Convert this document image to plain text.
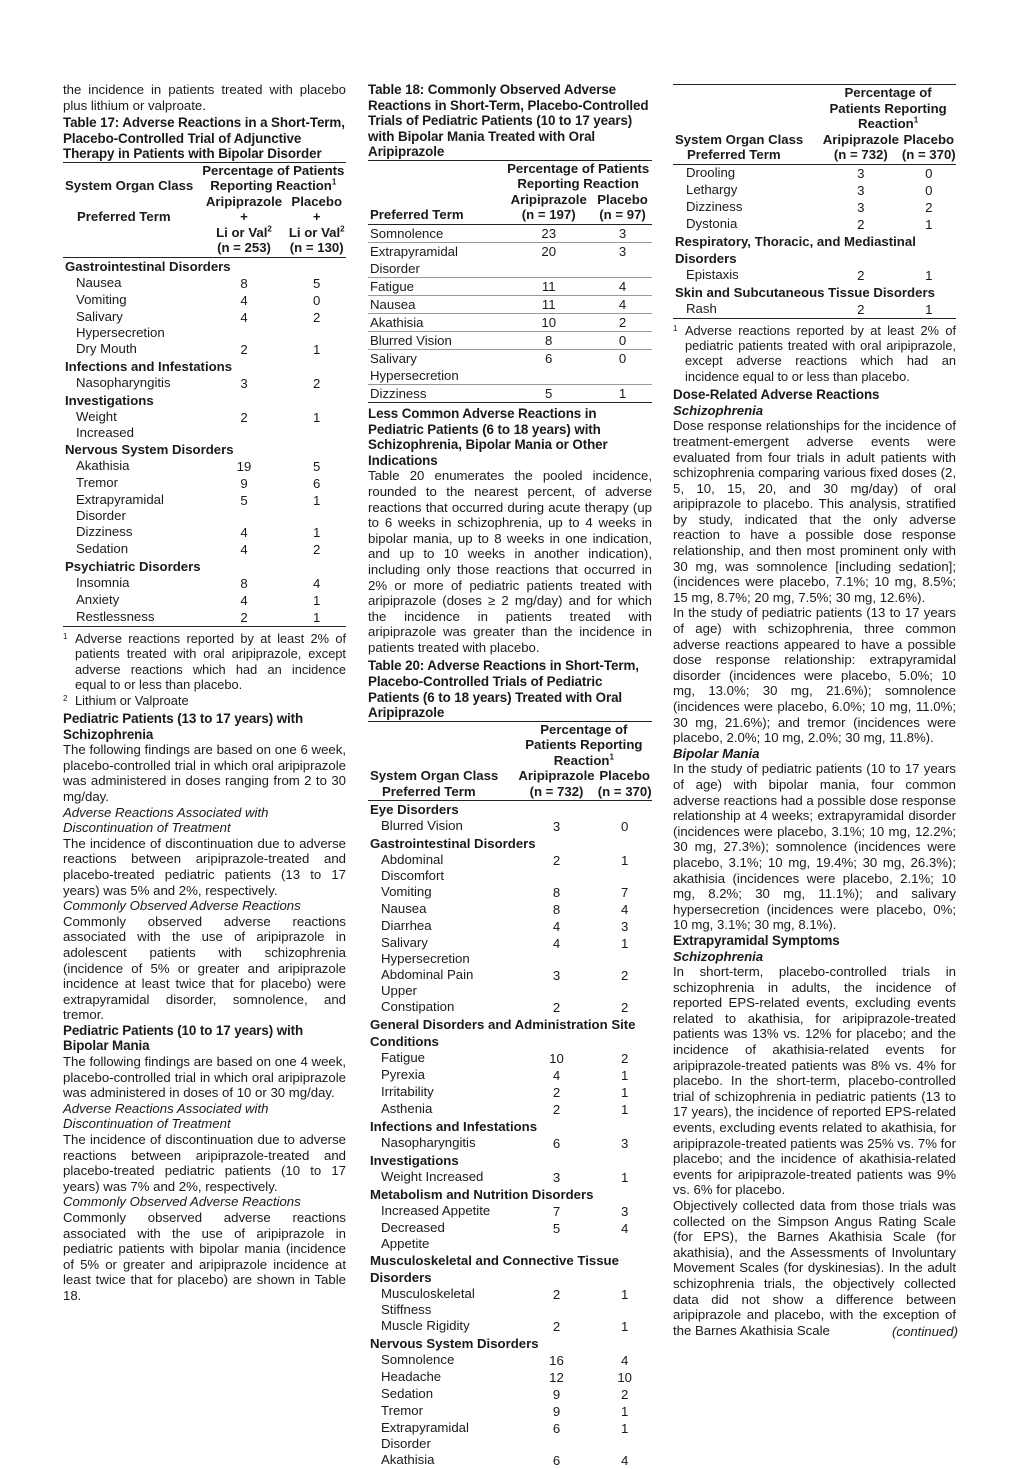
the incidence in patients treated with placebo plus lithium or valproate.

Table 17: Adverse Reactions in a Short-Term, Placebo-Controlled Trial of Adjunctive Therapy in Patients with Bipolar Disorder

System Organ Class	Percentage of Patients Reporting Reaction$^1$
Preferred Term	Aripiprazole +	Placebo +
	Li or Val$^2$	Li or Val$^2$
	(n = 253)	(n = 130)
Gastrointestinal Disorders		
Nausea	8	5
Vomiting	4	0
Salivary Hypersecretion	4	2
Dry Mouth	2	1
Infections and Infestations		
Nasopharyngitis	3	2
Investigations		
Weight Increased	2	1
Nervous System Disorders		
Akathisia	19	5
Tremor	9	6
Extrapyramidal Disorder	5	1
Dizziness	4	1
Sedation	4	2
Psychiatric Disorders		
Insomnia	8	4
Anxiety	4	1
Restlessness	2	1
1 Adverse reactions reported by at least 2% of patients treated with oral aripiprazole, except adverse reactions which had an incidence equal to or less than placebo.
2 Lithium or Valproate

Pediatric Patients (13 to 17 years) with Schizophrenia

The following findings are based on one 6 week, placebo-controlled trial in which oral aripiprazole was administered in doses ranging from 2 to 30 mg/day.

Adverse Reactions Associated with Discontinuation of Treatment

The incidence of discontinuation due to adverse reactions between aripiprazole-treated and placebo-treated pediatric patients (13 to 17 years) was 5% and 2%, respectively.

Commonly Observed Adverse Reactions

Commonly observed adverse reactions associated with the use of aripiprazole in adolescent patients with schizophrenia (incidence of 5% or greater and aripiprazole incidence at least twice that for placebo) were extrapyramidal disorder, somnolence, and tremor.

Pediatric Patients (10 to 17 years) with Bipolar Mania

The following findings are based on one 4 week, placebo-controlled trial in which oral aripiprazole was administered in doses of 10 or 30 mg/day.

Adverse Reactions Associated with Discontinuation of Treatment

The incidence of discontinuation due to adverse reactions between aripiprazole-treated and placebo-treated pediatric patients (10 to 17 years) was 7% and 2%, respectively.

Commonly Observed Adverse Reactions

Commonly observed adverse reactions associated with the use of aripiprazole in pediatric patients with bipolar mania (incidence of 5% or greater and aripiprazole incidence at least twice that for placebo) are shown in Table 18.

Table 18: Commonly Observed Adverse Reactions in Short-Term, Placebo-Controlled Trials of Pediatric Patients (10 to 17 years) with Bipolar Mania Treated with Oral Aripiprazole

	Percentage of Patients Reporting Reaction	
	Aripiprazole	Placebo
Preferred Term	(n = 197)	(n = 97)
Somnolence	23	3
Extrapyramidal Disorder	20	3
Fatigue	11	4
Nausea	11	4
Akathisia	10	2
Blurred Vision	8	0
Salivary Hypersecretion	6	0
Dizziness	5	1

Less Common Adverse Reactions in Pediatric Patients (6 to 18 years) with Schizophrenia, Bipolar Mania or Other Indications

Table 20 enumerates the pooled incidence, rounded to the nearest percent, of adverse reactions that occurred during acute therapy (up to 6 weeks in schizophrenia, up to 4 weeks in bipolar mania, up to 8 weeks in one indication, and up to 10 weeks in another indication), including only those reactions that occurred in 2% or more of pediatric patients treated with aripiprazole (doses ≥ 2 mg/day) and for which the incidence in patients treated with aripiprazole was greater than the incidence in patients treated with placebo.

Table 20: Adverse Reactions in Short-Term, Placebo-Controlled Trials of Pediatric Patients (6 to 18 years) Treated with Oral Aripiprazole

	Percentage of Patients Reporting Reaction$^1$
System Organ Class	Aripiprazole	Placebo
Preferred Term	(n = 732)	(n = 370)
Eye Disorders		
Blurred Vision	3	0
Gastrointestinal Disorders		
Abdominal Discomfort	2	1
Vomiting	8	7
Nausea	8	4
Diarrhea	4	3
Salivary Hypersecretion	4	1
Abdominal Pain Upper	3	2
Constipation	2	2
General Disorders and Administration Site Conditions		
Fatigue	10	2
Pyrexia	4	1
Irritability	2	1
Asthenia	2	1
Infections and Infestations		
Nasopharyngitis	6	3
Investigations		
Weight Increased	3	1
Metabolism and Nutrition Disorders		
Increased Appetite	7	3
Decreased Appetite	5	4
Musculoskeletal and Connective Tissue Disorders		
Musculoskeletal Stiffness	2	1
Muscle Rigidity	2	1
Nervous System Disorders		
Somnolence	16	4
Headache	12	10
Sedation	9	2
Tremor	9	1
Extrapyramidal Disorder	6	1
Akathisia	6	4
	Percentage of Patients Reporting Reaction$^1$
System Organ Class	Aripiprazole	Placebo
Preferred Term	(n = 732)	(n = 370)
Drooling	3	0
Lethargy	3	0
Dizziness	3	2
Dystonia	2	1
Respiratory, Thoracic, and Mediastinal Disorders		
Epistaxis	2	1
Skin and Subcutaneous Tissue Disorders		
Rash	2	1
1 Adverse reactions reported by at least 2% of pediatric patients treated with oral aripiprazole, except adverse reactions which had an incidence equal to or less than placebo.

Dose-Related Adverse Reactions

Schizophrenia

Dose response relationships for the incidence of treatment-emergent adverse events were evaluated from four trials in adult patients with schizophrenia comparing various fixed doses (2, 5, 10, 15, 20, and 30 mg/day) of oral aripiprazole to placebo. This analysis, stratified by study, indicated that the only adverse reaction to have a possible dose response relationship, and then most prominent only with 30 mg, was somnolence [including sedation]; (incidences were placebo, 7.1%; 10 mg, 8.5%; 15 mg, 8.7%; 20 mg, 7.5%; 30 mg, 12.6%).

In the study of pediatric patients (13 to 17 years of age) with schizophrenia, three common adverse reactions appeared to have a possible dose response relationship: extrapyramidal disorder (incidences were placebo, 5.0%; 10 mg, 13.0%; 30 mg, 21.6%); somnolence (incidences were placebo, 6.0%; 10 mg, 11.0%; 30 mg, 21.6%); and tremor (incidences were placebo, 2.0%; 10 mg, 2.0%; 30 mg, 11.8%).

Bipolar Mania

In the study of pediatric patients (10 to 17 years of age) with bipolar mania, four common adverse reactions had a possible dose response relationship at 4 weeks; extrapyramidal disorder (incidences were placebo, 3.1%; 10 mg, 12.2%; 30 mg, 27.3%); somnolence (incidences were placebo, 3.1%; 10 mg, 19.4%; 30 mg, 26.3%); akathisia (incidences were placebo, 2.1%; 10 mg, 8.2%; 30 mg, 11.1%); and salivary hypersecretion (incidences were placebo, 0%; 10 mg, 3.1%; 30 mg, 8.1%).

Extrapyramidal Symptoms

Schizophrenia

In short-term, placebo-controlled trials in schizophrenia in adults, the incidence of reported EPS-related events, excluding events related to akathisia, for aripiprazole-treated patients was 13% vs. 12% for placebo; and the incidence of akathisia-related events for aripiprazole-treated patients was 8% vs. 4% for placebo. In the short-term, placebo-controlled trial of schizophrenia in pediatric patients (13 to 17 years), the incidence of reported EPS-related events, excluding events related to akathisia, for aripiprazole-treated patients was 25% vs. 7% for placebo; and the incidence of akathisia-related events for aripiprazole-treated patients was 9% vs. 6% for placebo.

Objectively collected data from those trials was collected on the Simpson Angus Rating Scale (for EPS), the Barnes Akathisia Scale (for akathisia), and the Assessments of Involuntary Movement Scales (for dyskinesias). In the adult schizophrenia trials, the objectively collected data did not show a difference between aripiprazole and placebo, with the exception of the Barnes Akathisia Scale	(continued)
